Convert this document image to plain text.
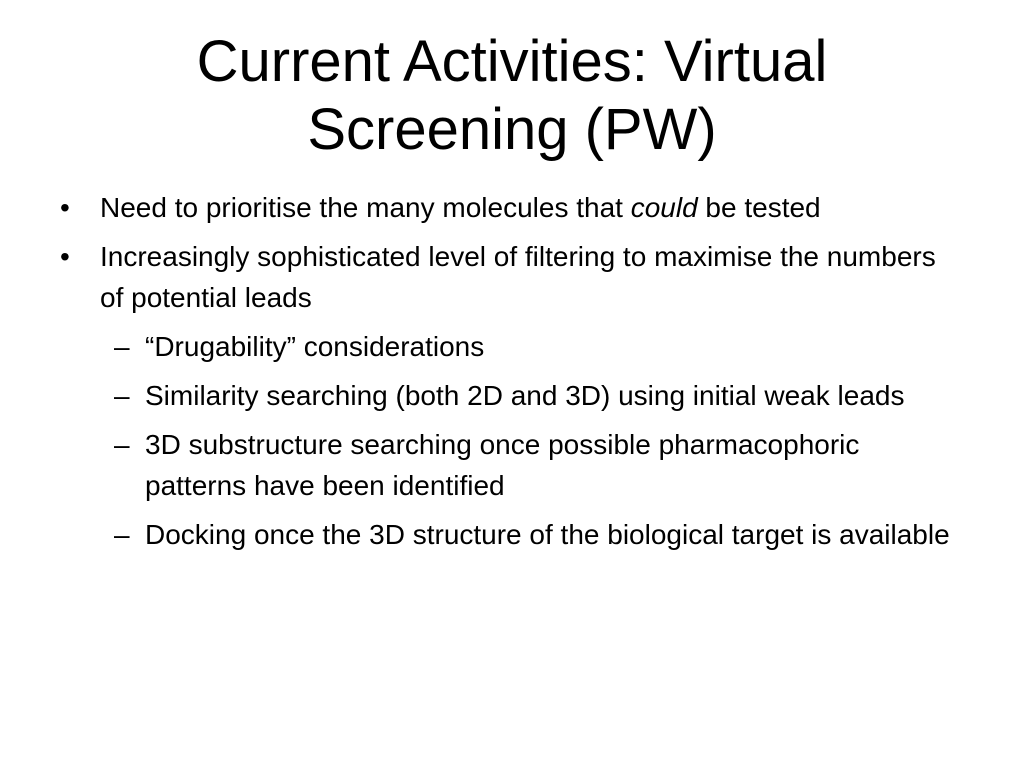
Current Activities: Virtual
Screening (PW)
•	Need to prioritise the many molecules that could be tested
•	Increasingly sophisticated level of filtering to maximise the numbers of potential leads
– “Drugability” considerations
– Similarity searching (both 2D and 3D) using initial weak leads
– 3D substructure searching once possible pharmacophoric patterns have been identified
– Docking once the 3D structure of the biological target is available
